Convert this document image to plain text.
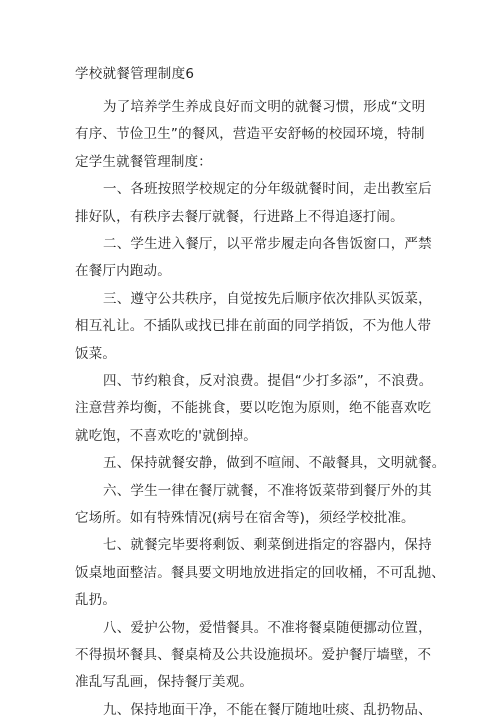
学校就餐管理制度6
为了培养学生养成良好而文明的就餐习惯，形成“文明
有序、节俭卫生”的餐风，营造平安舒畅的校园环境，特制
定学生就餐管理制度：
一、各班按照学校规定的分年级就餐时间，走出教室后
排好队，有秩序去餐厅就餐，行进路上不得追逐打闹。
二、学生进入餐厅，以平常步履走向各售饭窗口，严禁
在餐厅内跑动。
三、遵守公共秩序，自觉按先后顺序依次排队买饭菜，
相互礼让。不插队或找已排在前面的同学捎饭，不为他人带
饭菜。
四、节约粮食，反对浪费。提倡“少打多添”，不浪费。
注意营养均衡，不能挑食，要以吃饱为原则，绝不能喜欢吃
就吃饱，不喜欢吃的'就倒掉。
五、保持就餐安静，做到不喧闹、不敲餐具，文明就餐。
六、学生一律在餐厅就餐，不准将饭菜带到餐厅外的其
它场所。如有特殊情况(病号在宿舍等)，须经学校批准。
七、就餐完毕要将剩饭、剩菜倒进指定的容器内，保持
饭桌地面整洁。餐具要文明地放进指定的回收桶，不可乱抛、
乱扔。
八、爱护公物，爱惜餐具。不准将餐桌随便挪动位置，
不得损坏餐具、餐桌椅及公共设施损坏。爱护餐厅墙壁，不
准乱写乱画，保持餐厅美观。
九、保持地面干净，不能在餐厅随地吐痰、乱扔物品、
